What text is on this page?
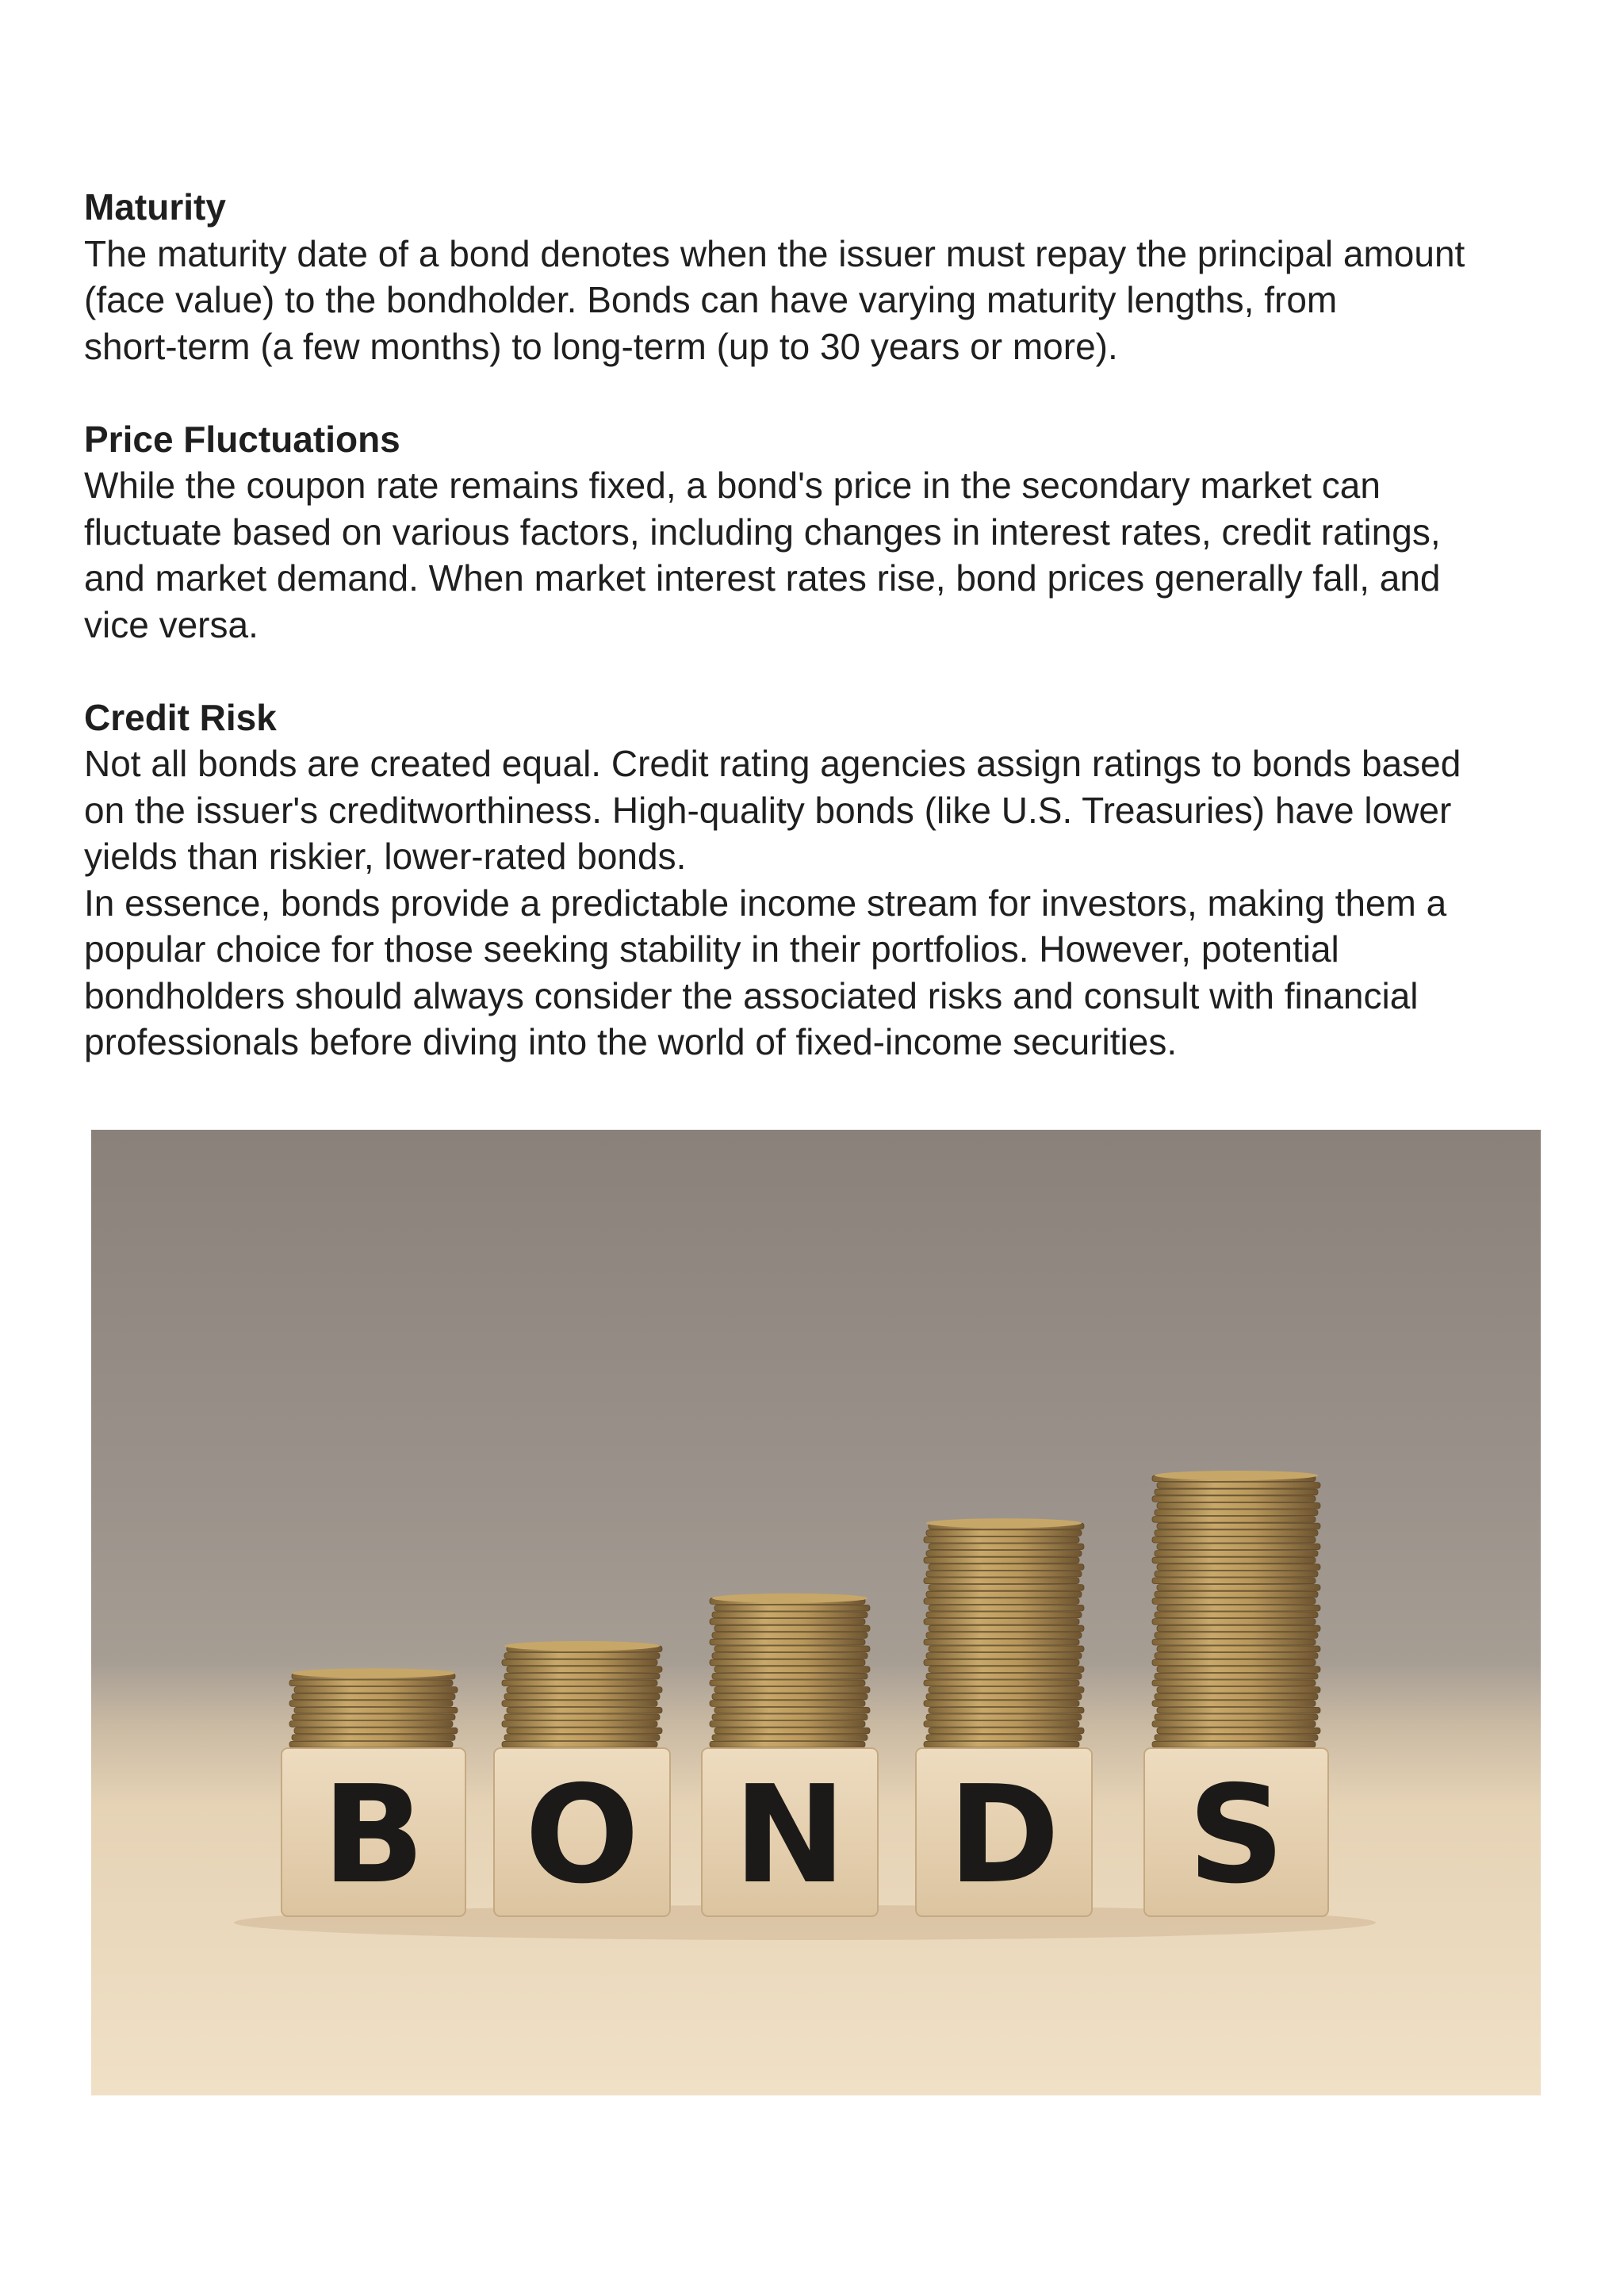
Maturity
The maturity date of a bond denotes when the issuer must repay the principal amount
(face value) to the bondholder. Bonds can have varying maturity lengths, from
short-term (a few months) to long-term (up to 30 years or more).
Price Fluctuations
While the coupon rate remains fixed, a bond's price in the secondary market can
fluctuate based on various factors, including changes in interest rates, credit ratings,
and market demand. When market interest rates rise, bond prices generally fall, and
vice versa.
Credit Risk
Not all bonds are created equal. Credit rating agencies assign ratings to bonds based
on the issuer's creditworthiness. High-quality bonds (like U.S. Treasuries) have lower
yields than riskier, lower-rated bonds.
In essence, bonds provide a predictable income stream for investors, making them a
popular choice for those seeking stability in their portfolios. However, potential
bondholders should always consider the associated risks and consult with financial
professionals before diving into the world of fixed-income securities.
B O N D S
